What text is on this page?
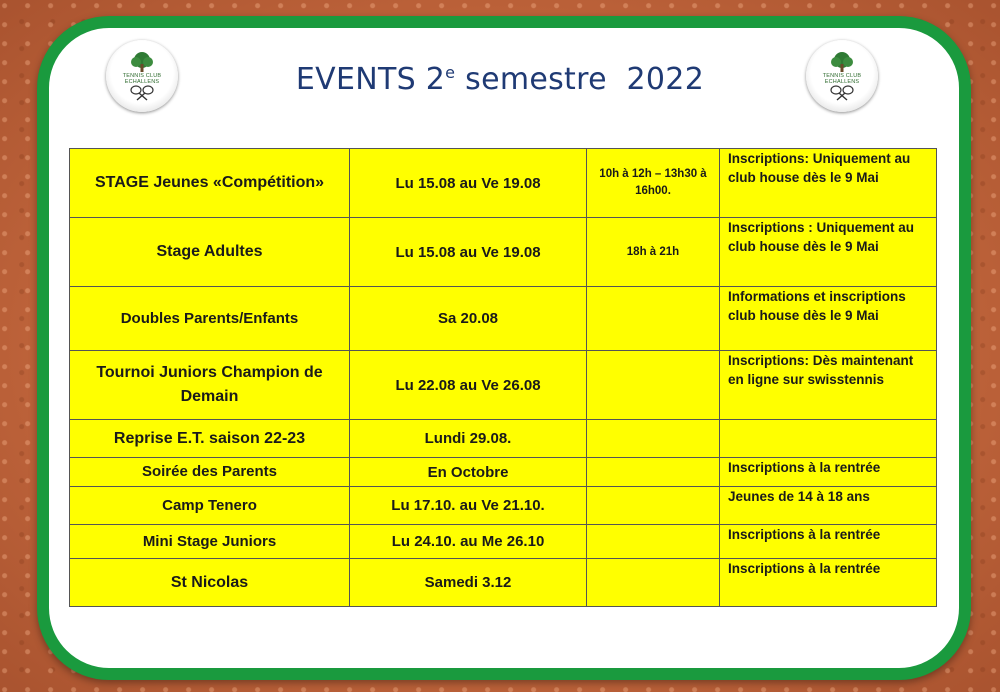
TENNIS CLUB
ECHALLENS
TENNIS CLUB
ECHALLENS
EVENTS 2e semestre  2022
STAGE Jeunes «Compétition»	Lu 15.08 au Ve 19.08	10h à 12h – 13h30 à 16h00.	Inscriptions: Uniquement au club house dès le 9 Mai
Stage Adultes	Lu 15.08 au Ve 19.08	18h à 21h	Inscriptions : Uniquement au club house dès le 9 Mai
Doubles Parents/Enfants	Sa 20.08		Informations et inscriptions club house dès le 9 Mai
Tournoi Juniors Champion de Demain	Lu 22.08 au Ve 26.08		Inscriptions: Dès maintenant en ligne sur swisstennis
Reprise E.T. saison 22-23	Lundi 29.08.		
Soirée des Parents	En Octobre		Inscriptions à la rentrée
Camp Tenero	Lu 17.10. au Ve 21.10.		Jeunes de 14 à 18 ans
Mini Stage Juniors	Lu 24.10. au Me 26.10		Inscriptions à la rentrée
St Nicolas	Samedi 3.12		Inscriptions à la rentrée
